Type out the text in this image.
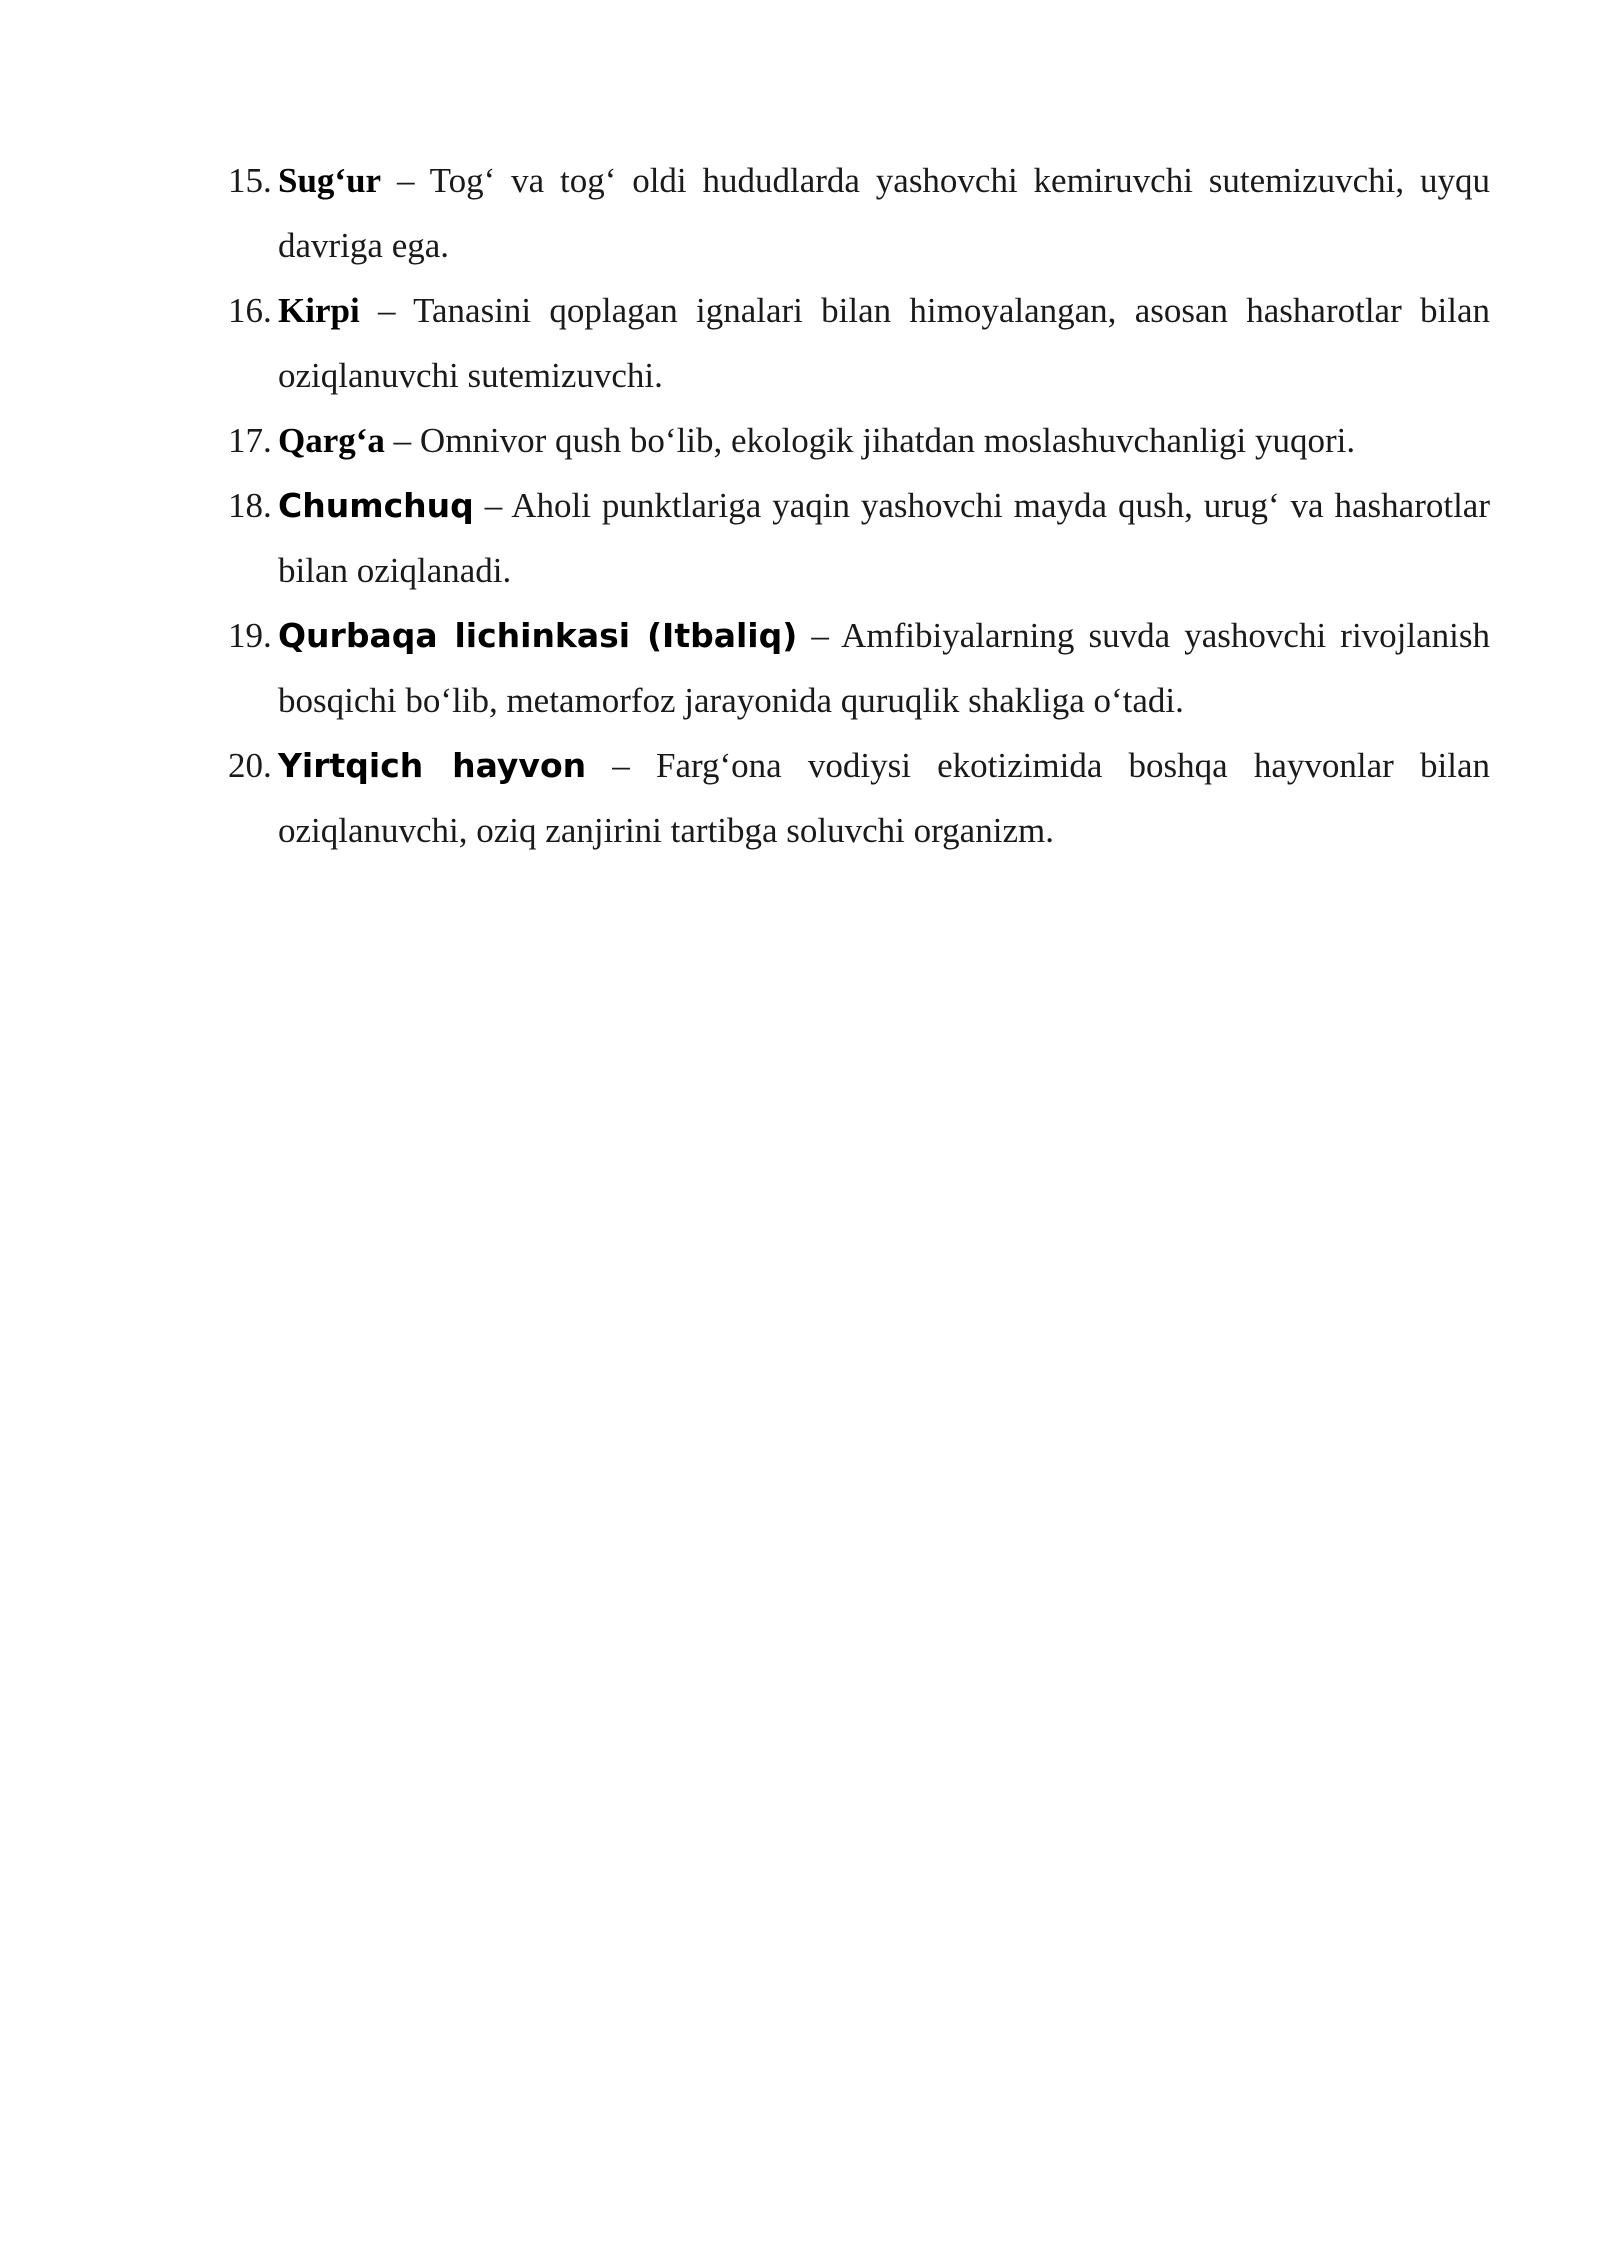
15. Sug‘ur – Tog‘ va tog‘ oldi hududlarda yashovchi kemiruvchi sutemizuvchi, uyqu davriga ega.
16. Kirpi – Tanasini qoplagan ignalari bilan himoyalangan, asosan hasharotlar bilan oziqlanuvchi sutemizuvchi.
17. Qarg‘a – Omnivor qush bo‘lib, ekologik jihatdan moslashuvchanligi yuqori.
18. Chumchuq – Aholi punktlariga yaqin yashovchi mayda qush, urug‘ va hasharotlar bilan oziqlanadi.
19. Qurbaqa lichinkasi (Itbaliq) – Amfibiyalarning suvda yashovchi rivojlanish bosqichi bo‘lib, metamorfoz jarayonida quruqlik shakliga o‘tadi.
20. Yirtqich hayvon – Farg‘ona vodiysi ekotizimida boshqa hayvonlar bilan oziqlanuvchi, oziq zanjirini tartibga soluvchi organizm.
